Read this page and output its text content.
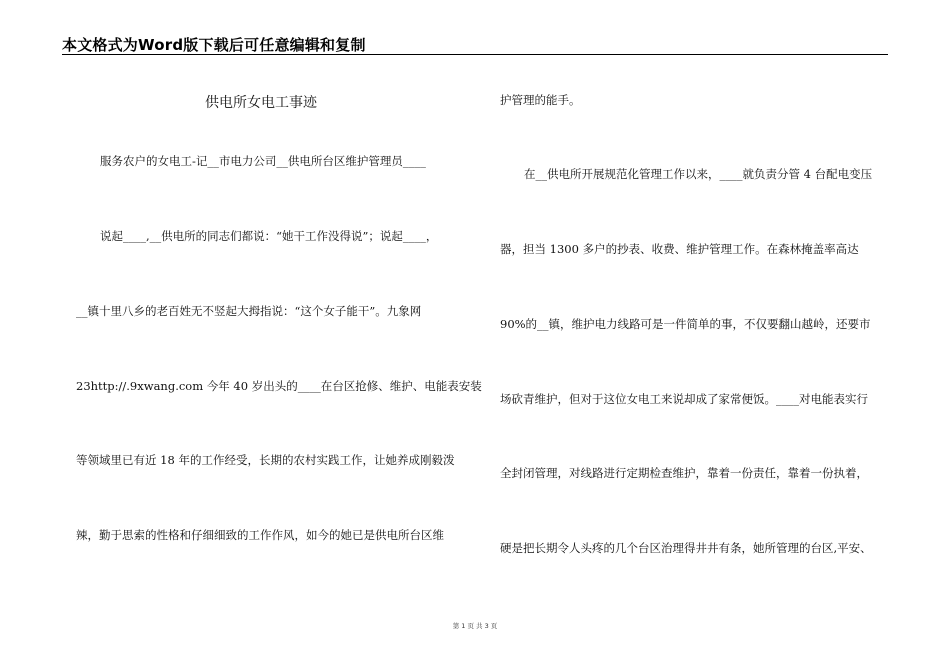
本文格式为Word版下载后可任意编辑和复制
供电所女电工事迹
服务农户的女电工-记__市电力公司__供电所台区维护管理员____
说起____,__供电所的同志们都说：“她干工作没得说”；说起____，
__镇十里八乡的老百姓无不竖起大拇指说：“这个女子能干”。九象网
23http://.9xwang.com 今年 40 岁出头的____在台区抢修、维护、电能表安装
等领域里已有近 18 年的工作经受，长期的农村实践工作，让她养成刚毅泼
辣，勤于思索的性格和仔细细致的工作作风，如今的她已是供电所台区维
护管理的能手。
在__供电所开展规范化管理工作以来，____就负责分管 4 台配电变压
器，担当 1300 多户的抄表、收费、维护管理工作。在森林掩盖率高达
90%的__镇，维护电力线路可是一件简单的事，不仅要翻山越岭，还要市
场砍青维护，但对于这位女电工来说却成了家常便饭。____对电能表实行
全封闭管理，对线路进行定期检查维护，靠着一份责任，靠着一份执着，
硬是把长期令人头疼的几个台区治理得井井有条，她所管理的台区,平安、
第 1 页 共 3 页
